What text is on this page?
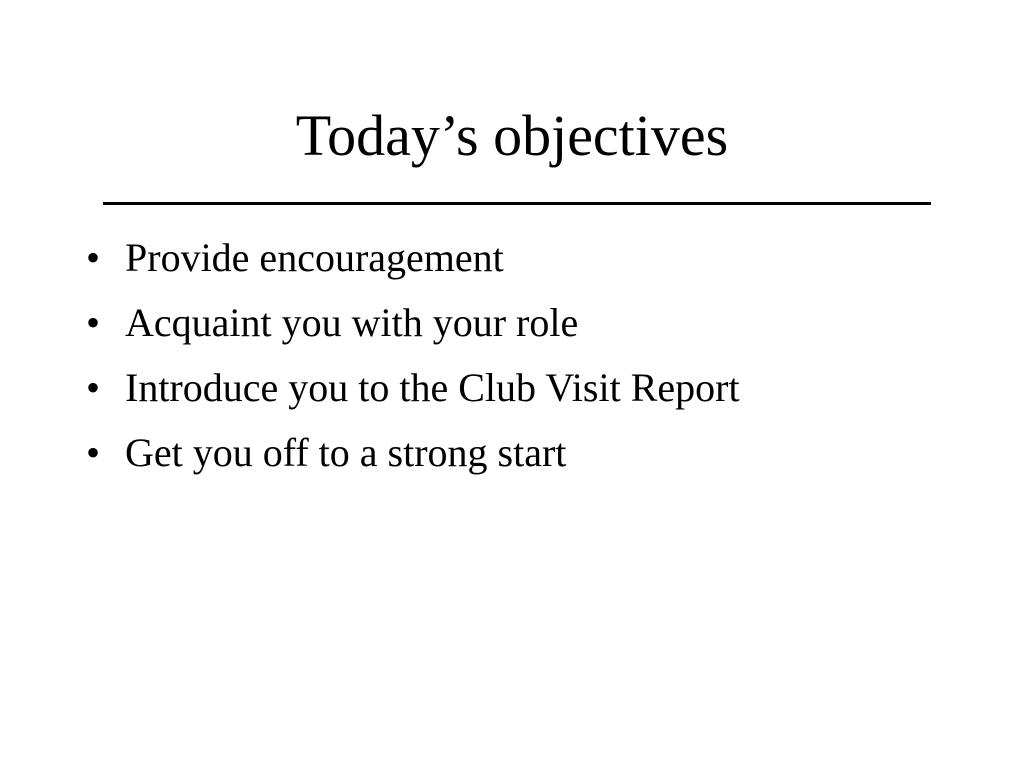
Today’s objectives
• Provide encouragement
• Acquaint you with your role
• Introduce you to the Club Visit Report
• Get you off to a strong start
